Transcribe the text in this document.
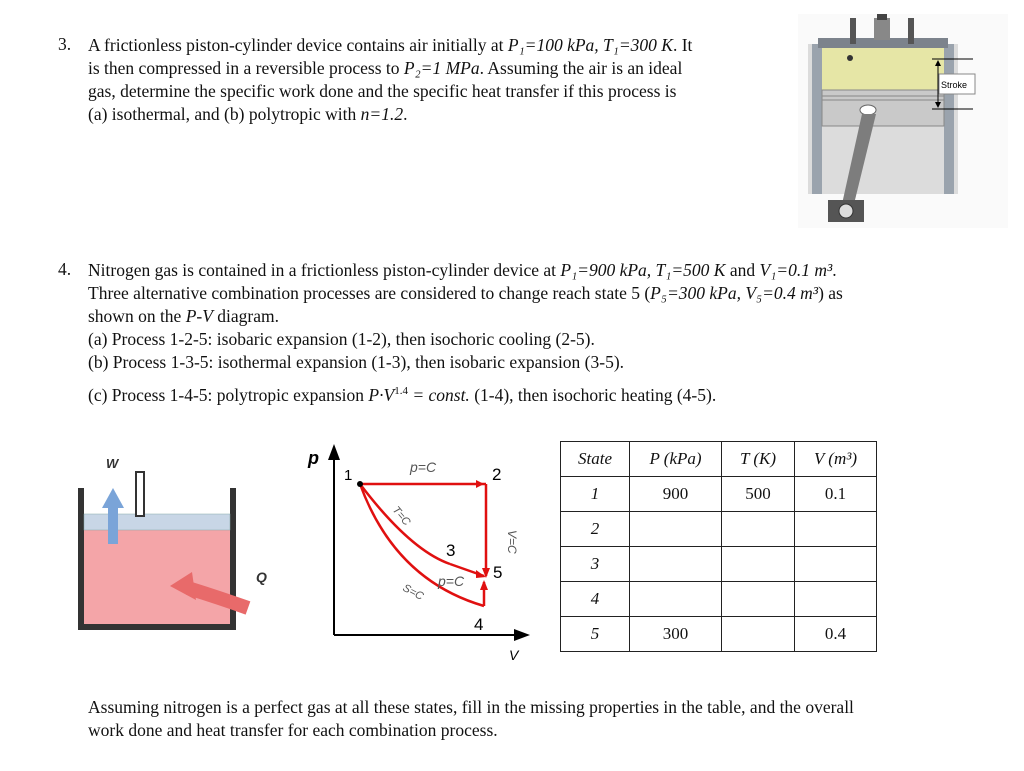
3. A frictionless piston-cylinder device contains air initially at P₁=100 kPa, T₁=300 K. It
is then compressed in a reversible process to P₂=1 MPa. Assuming the air is an ideal
gas, determine the specific work done and the specific heat transfer if this process is
(a) isothermal, and (b) polytropic with n=1.2.
Stroke
4. Nitrogen gas is contained in a frictionless piston-cylinder device at P₁=900 kPa, T₁=500 K and V₁=0.1 m³.
Three alternative combination processes are considered to change reach state 5 (P₅=300 kPa, V₅=0.4 m³) as
shown on the P-V diagram.
(a) Process 1-2-5: isobaric expansion (1-2), then isochoric cooling (2-5).
(b) Process 1-3-5: isothermal expansion (1-3), then isobaric expansion (3-5).
(c) Process 1-4-5: polytropic expansion $P\cdot V^{1.4}$ = const. (1-4), then isochoric heating (4-5).
W
Q
p
V
1	2
3
4
5
p=C
T=C
V=C
p=C
S=C
State	P (kPa)	T (K)	V (m³)
1	900	500	0.1
2			
3			
4			
5	300		0.4
Assuming nitrogen is a perfect gas at all these states, fill in the missing properties in the table, and the overall
work done and heat transfer for each combination process.
